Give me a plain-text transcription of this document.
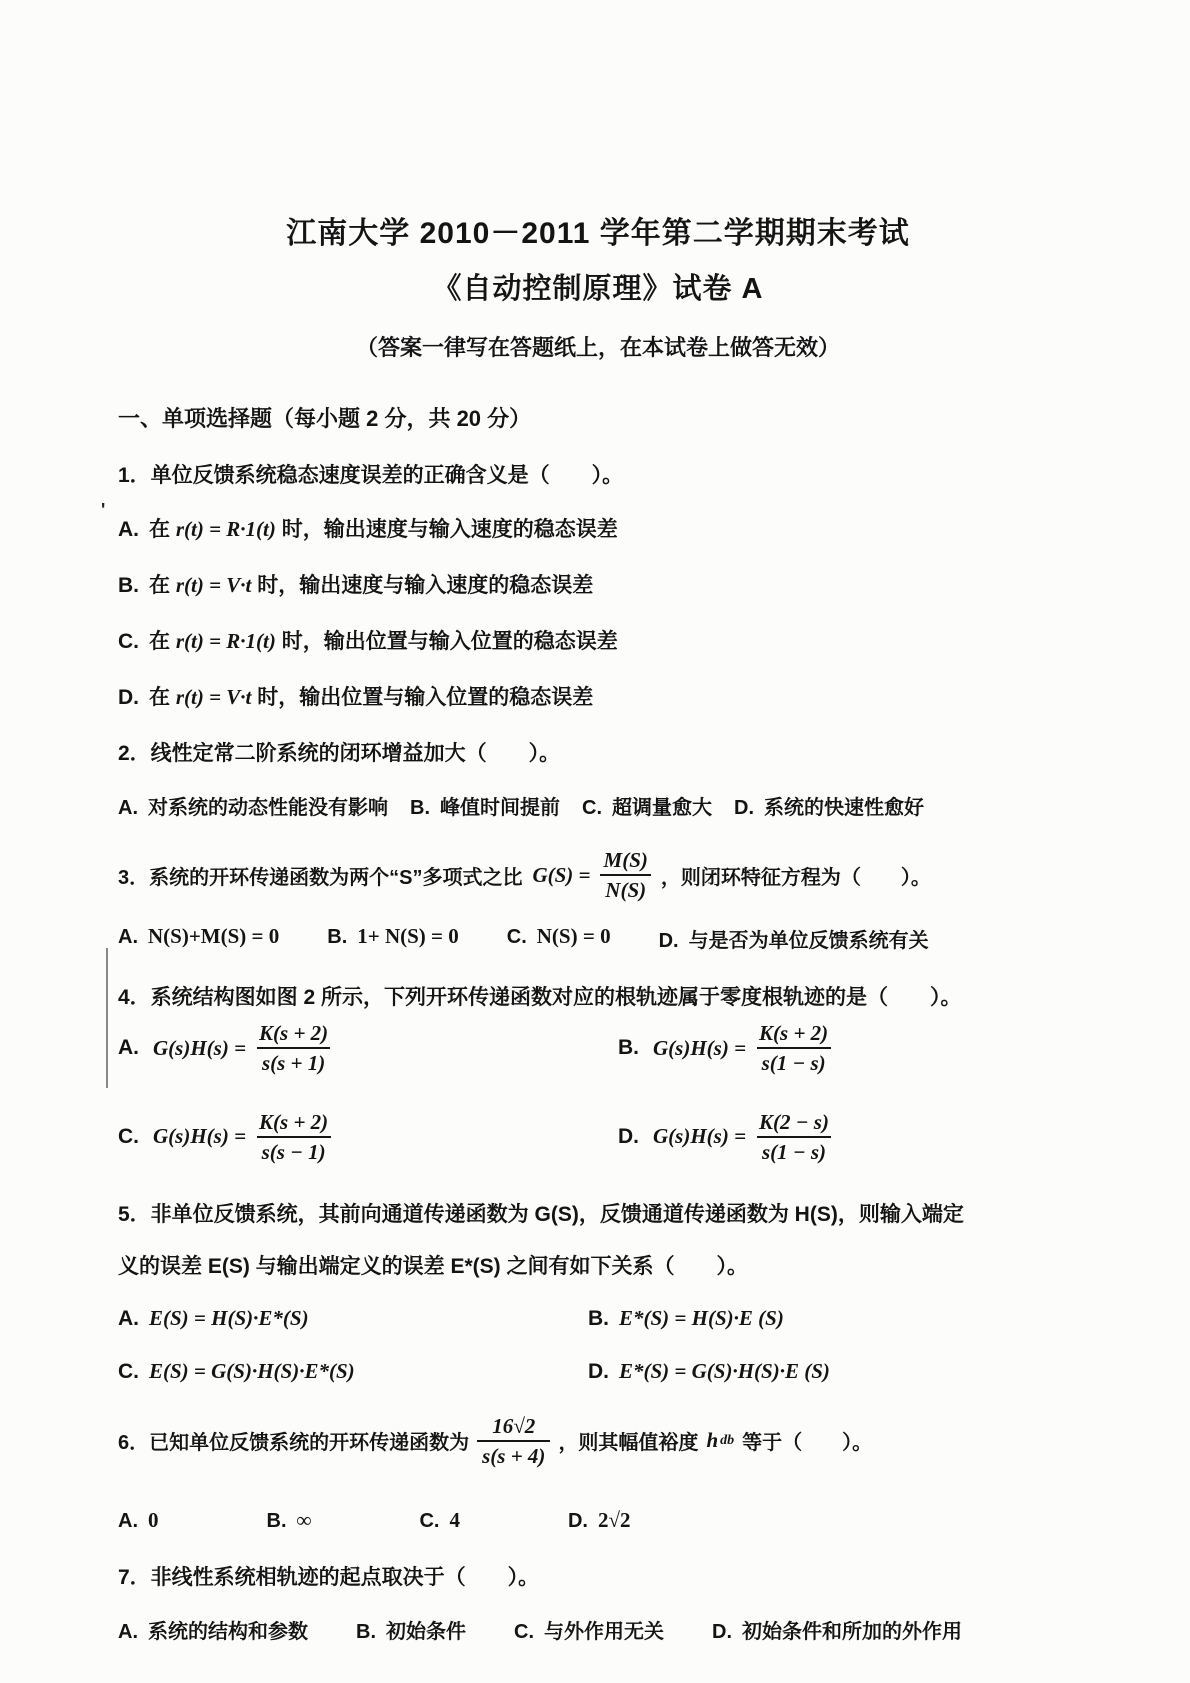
'
江南大学 2010－2011 学年第二学期期末考试
《自动控制原理》试卷 A
（答案一律写在答题纸上，在本试卷上做答无效）
一、单项选择题（每小题 2 分，共 20 分）
1．单位反馈系统稳态速度误差的正确含义是（　　）。
A. 在 r(t) = R·1(t) 时，输出速度与输入速度的稳态误差
B. 在 r(t) = V·t 时，输出速度与输入速度的稳态误差
C. 在 r(t) = R·1(t) 时，输出位置与输入位置的稳态误差
D. 在 r(t) = V·t 时，输出位置与输入位置的稳态误差
2．线性定常二阶系统的闭环增益加大（　　）。
A. 对系统的动态性能没有影响 B. 峰值时间提前 C. 超调量愈大 D. 系统的快速性愈好
3．系统的开环传递函数为两个“S”多项式之比 $G(S) = \frac{M(S)}{N(S)}$ ，则闭环特征方程为（　　）。
A. N(S)+M(S) = 0 B. 1+ N(S) = 0 C. N(S) = 0 D. 与是否为单位反馈系统有关
4．系统结构图如图 2 所示，下列开环传递函数对应的根轨迹属于零度根轨迹的是（　　）。
A. $G(s)H(s) = \frac{K(s + 2)}{s(s + 1)}$	B. $G(s)H(s) = \frac{K(s + 2)}{s(1 - s)}$
C. $G(s)H(s) = \frac{K(s + 2)}{s(s - 1)}$	D. $G(s)H(s) = \frac{K(2 - s)}{s(1 - s)}$
5．非单位反馈系统，其前向通道传递函数为 G(S)，反馈通道传递函数为 H(S)，则输入端定
义的误差 E(S) 与输出端定义的误差 E*(S) 之间有如下关系（　　）。
A. E(S) = H(S)·E*(S)	B. E*(S) = H(S)·E (S)
C. E(S) = G(S)·H(S)·E*(S)	D. E*(S) = G(S)·H(S)·E (S)
6．已知单位反馈系统的开环传递函数为 $\frac{16√2}{s(s + 4)}$ ，则其幅值裕度 h db 等于（　　）。
A. 0	B. ∞	C. 4	D. 2√2
7．非线性系统相轨迹的起点取决于（　　）。
A. 系统的结构和参数 B. 初始条件 C. 与外作用无关 D. 初始条件和所加的外作用
